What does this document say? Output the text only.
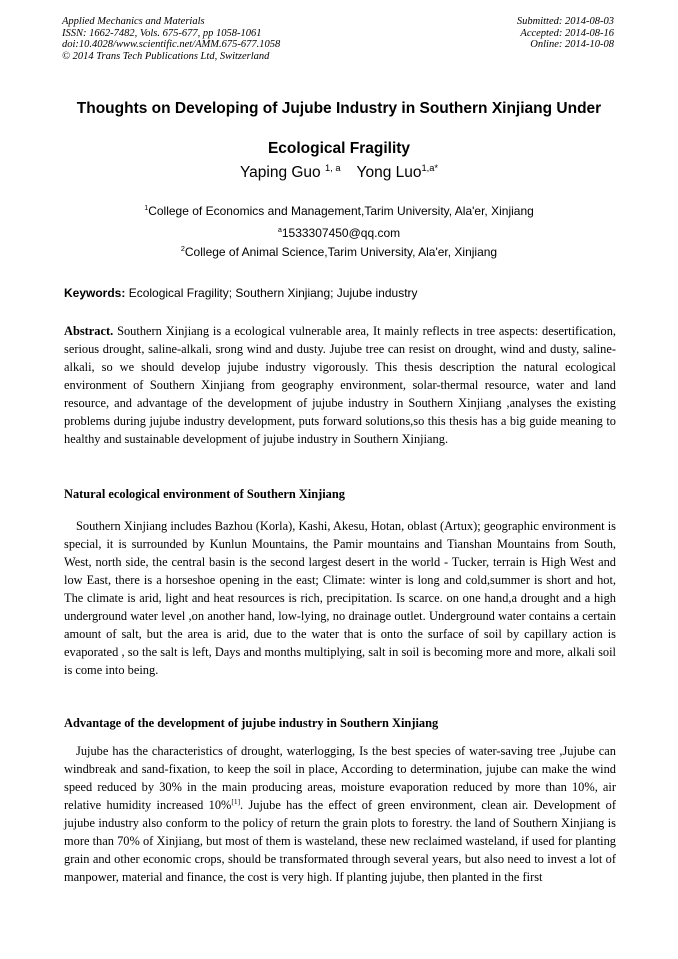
Applied Mechanics and Materials
ISSN: 1662-7482, Vols. 675-677, pp 1058-1061
doi:10.4028/www.scientific.net/AMM.675-677.1058
© 2014 Trans Tech Publications Ltd, Switzerland
Submitted: 2014-08-03
Accepted: 2014-08-16
Online: 2014-10-08
Thoughts on Developing of Jujube Industry in Southern Xinjiang Under
Ecological Fragility
Yaping Guo $^{1, a}$ Yong Luo$^{1,a*}$
$^1$College of Economics and Management,Tarim University, Ala'er, Xinjiang
$^a$1533307450@qq.com
$^2$College of Animal Science,Tarim University, Ala'er, Xinjiang
Keywords: Ecological Fragility; Southern Xinjiang; Jujube industry
Abstract. Southern Xinjiang is a ecological vulnerable area, It mainly reflects in tree aspects: desertification, serious drought, saline-alkali, srong wind and dusty. Jujube tree can resist on drought, wind and dusty, saline-alkali, so we should develop jujube industry vigorously. This thesis description the natural ecological environment of Southern Xinjiang from geography environment, solar-thermal resource, water and land resource, and advantage of the development of jujube industry in Southern Xinjiang ,analyses the existing problems during jujube industry development, puts forward solutions,so this thesis has a big guide meaning to healthy and sustainable development of jujube industry in Southern Xinjiang.
Natural ecological environment of Southern Xinjiang
Southern Xinjiang includes Bazhou (Korla), Kashi, Akesu, Hotan, oblast (Artux); geographic environment is special, it is surrounded by Kunlun Mountains, the Pamir mountains and Tianshan Mountains from South, West, north side, the central basin is the second largest desert in the world - Tucker, terrain is High West and low East, there is a horseshoe opening in the east; Climate: winter is long and cold,summer is short and hot, The climate is arid, light and heat resources is rich, precipitation. Is scarce. on one hand,a drought and a high underground water level ,on another hand, low-lying, no drainage outlet. Underground water contains a certain amount of salt, but the area is arid, due to the water that is onto the surface of soil by capillary action is evaporated , so the salt is left, Days and months multiplying, salt in soil is becoming more and more, alkali soil is come into being.
Advantage of the development of jujube industry in Southern Xinjiang
Jujube has the characteristics of drought, waterlogging, Is the best species of water-saving tree ,Jujube can windbreak and sand-fixation, to keep the soil in place, According to determination, jujube can make the wind speed reduced by 30% in the main producing areas, moisture evaporation reduced by more than 10%, air relative humidity increased 10%[1]. Jujube has the effect of green environment, clean air. Development of jujube industry also conform to the policy of return the grain plots to forestry. the land of Southern Xinjiang is more than 70% of Xinjiang, but most of them is wasteland, these new reclaimed wasteland, if used for planting grain and other economic crops, should be transformated through several years, but also need to invest a lot of manpower, material and finance, the cost is very high. If planting jujube, then planted in the first
